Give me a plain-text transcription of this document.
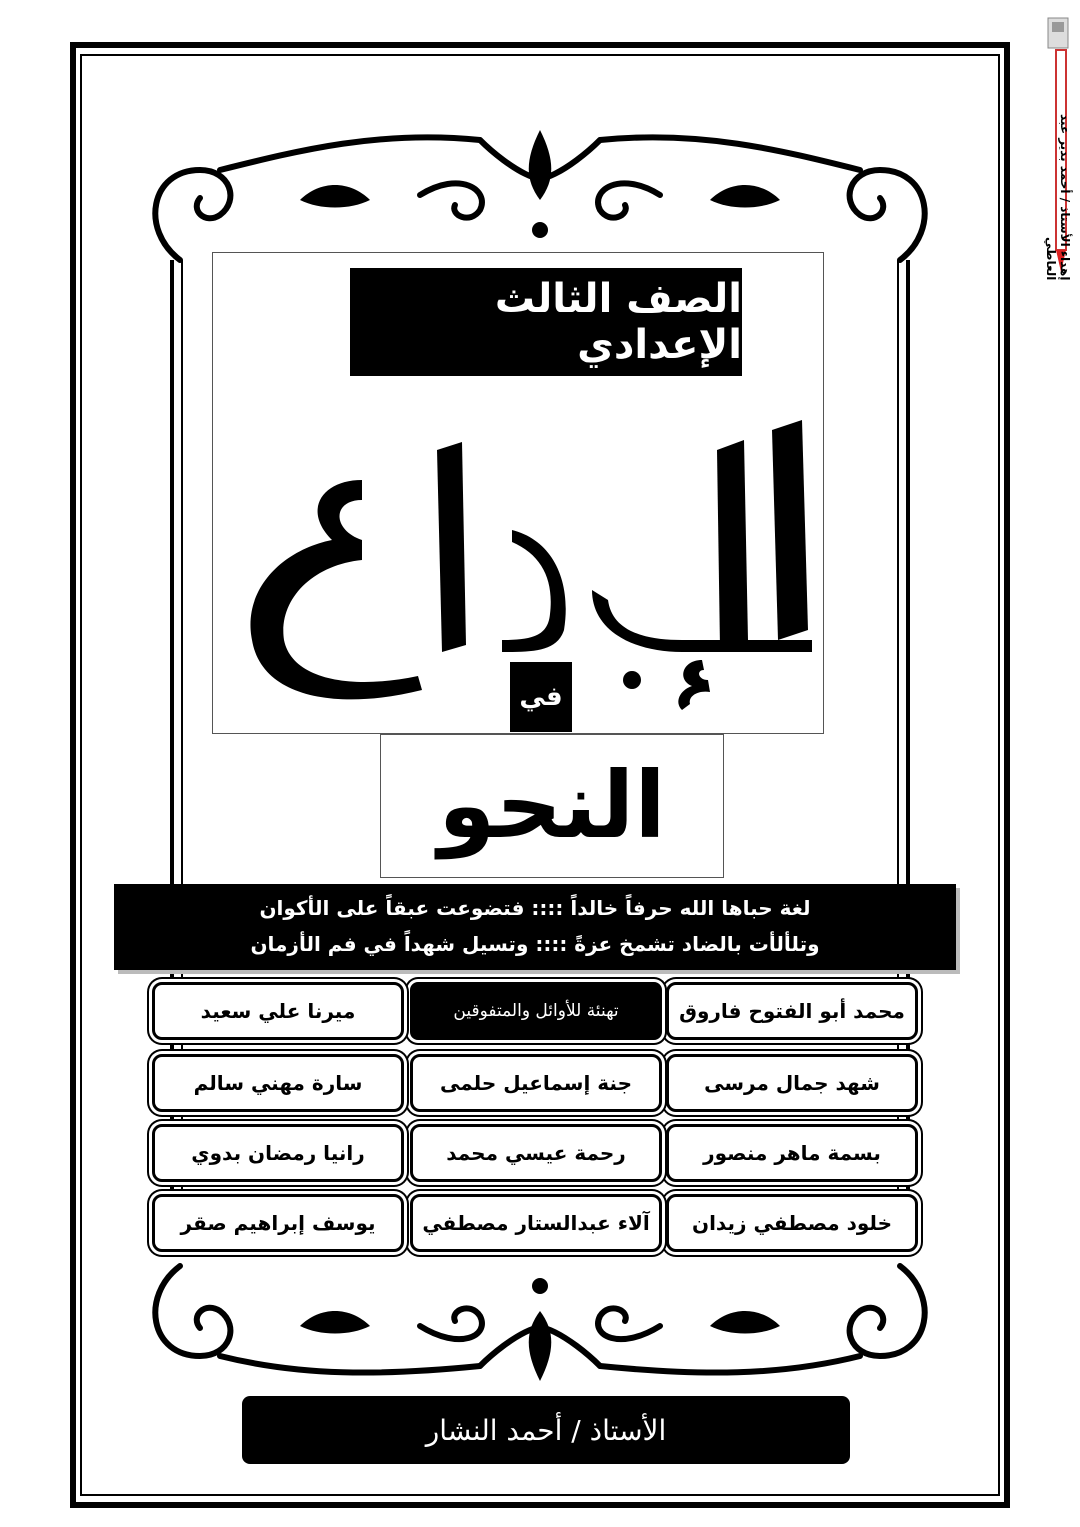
إهداء الأستاذ / أحمد بدير عبد العاطي
الصف الثالث الإعدادي
في
النحو
لغة حباها الله حرفاً خالداً :::: فتضوعت عبقاً على الأكوان
وتلألأت بالضاد تشمخ عزةً :::: وتسيل شهداً في فم الأزمان
محمد أبو الفتوح فاروق
تهنئة للأوائل والمتفوقين
ميرنا علي سعيد
شهد جمال مرسى
جنة إسماعيل حلمى
سارة مهني سالم
بسمة ماهر منصور
رحمة عيسي محمد
رانيا رمضان بدوي
خلود مصطفي زيدان
آلاء عبدالستار مصطفي
يوسف إبراهيم صقر
الأستاذ / أحمد النشار
